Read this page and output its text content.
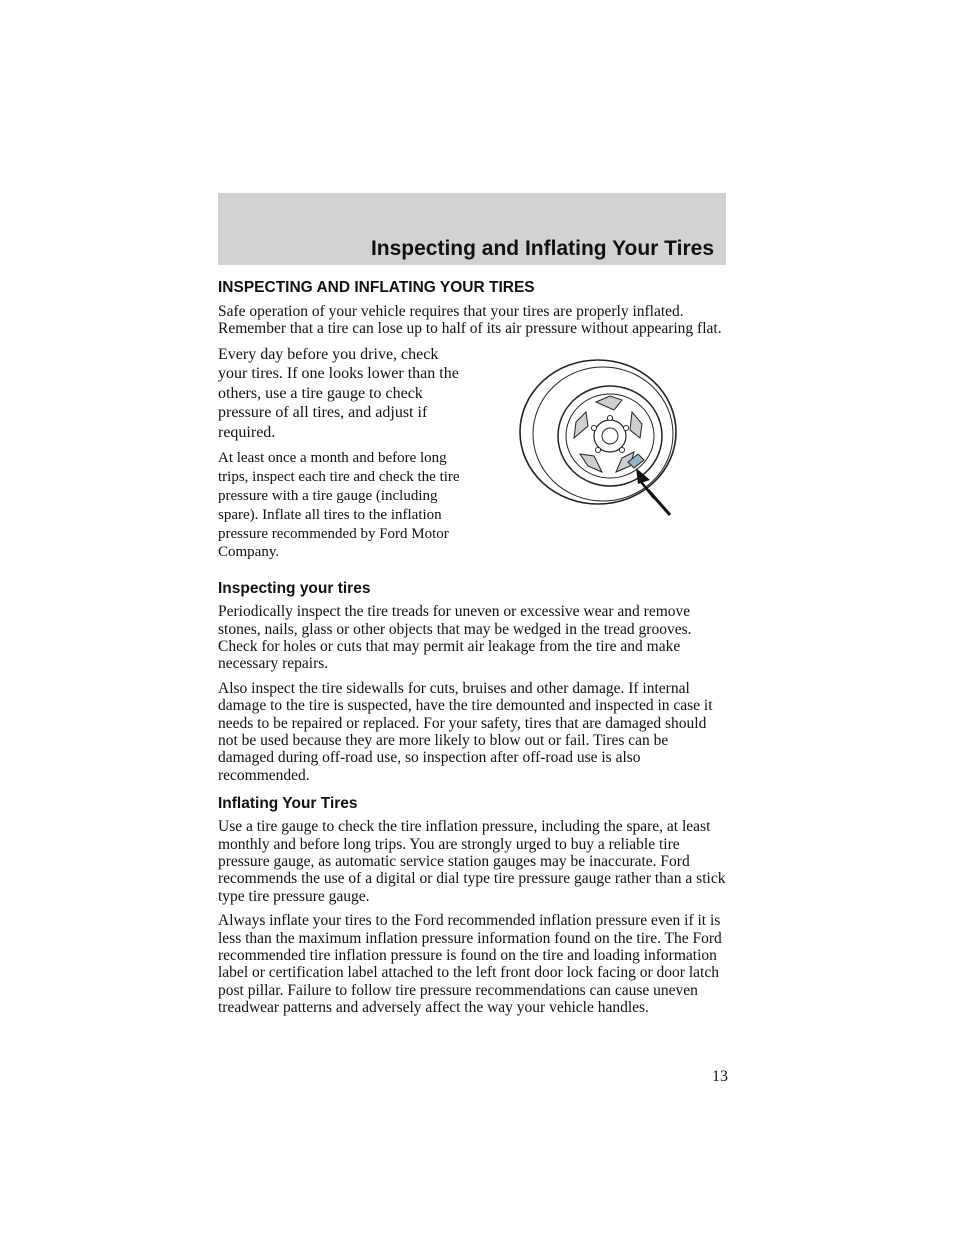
Inspecting and Inflating Your Tires
INSPECTING AND INFLATING YOUR TIRES

Safe operation of your vehicle requires that your tires are properly inflated. Remember that a tire can lose up to half of its air pressure without appearing flat.

Every day before you drive, check your tires. If one looks lower than the others, use a tire gauge to check pressure of all tires, and adjust if required.

At least once a month and before long trips, inspect each tire and check the tire pressure with a tire gauge (including spare). Inflate all tires to the inflation pressure recommended by Ford Motor Company.

Inspecting your tires

Periodically inspect the tire treads for uneven or excessive wear and remove stones, nails, glass or other objects that may be wedged in the tread grooves. Check for holes or cuts that may permit air leakage from the tire and make necessary repairs.

Also inspect the tire sidewalls for cuts, bruises and other damage. If internal damage to the tire is suspected, have the tire demounted and inspected in case it needs to be repaired or replaced. For your safety, tires that are damaged should not be used because they are more likely to blow out or fail. Tires can be damaged during off-road use, so inspection after off-road use is also recommended.

Inflating Your Tires

Use a tire gauge to check the tire inflation pressure, including the spare, at least monthly and before long trips. You are strongly urged to buy a reliable tire pressure gauge, as automatic service station gauges may be inaccurate. Ford recommends the use of a digital or dial type tire pressure gauge rather than a stick type tire pressure gauge.

Always inflate your tires to the Ford recommended inflation pressure even if it is less than the maximum inflation pressure information found on the tire. The Ford recommended tire inflation pressure is found on the tire and loading information label or certification label attached to the left front door lock facing or door latch post pillar. Failure to follow tire pressure recommendations can cause uneven treadwear patterns and adversely affect the way your vehicle handles.

13
